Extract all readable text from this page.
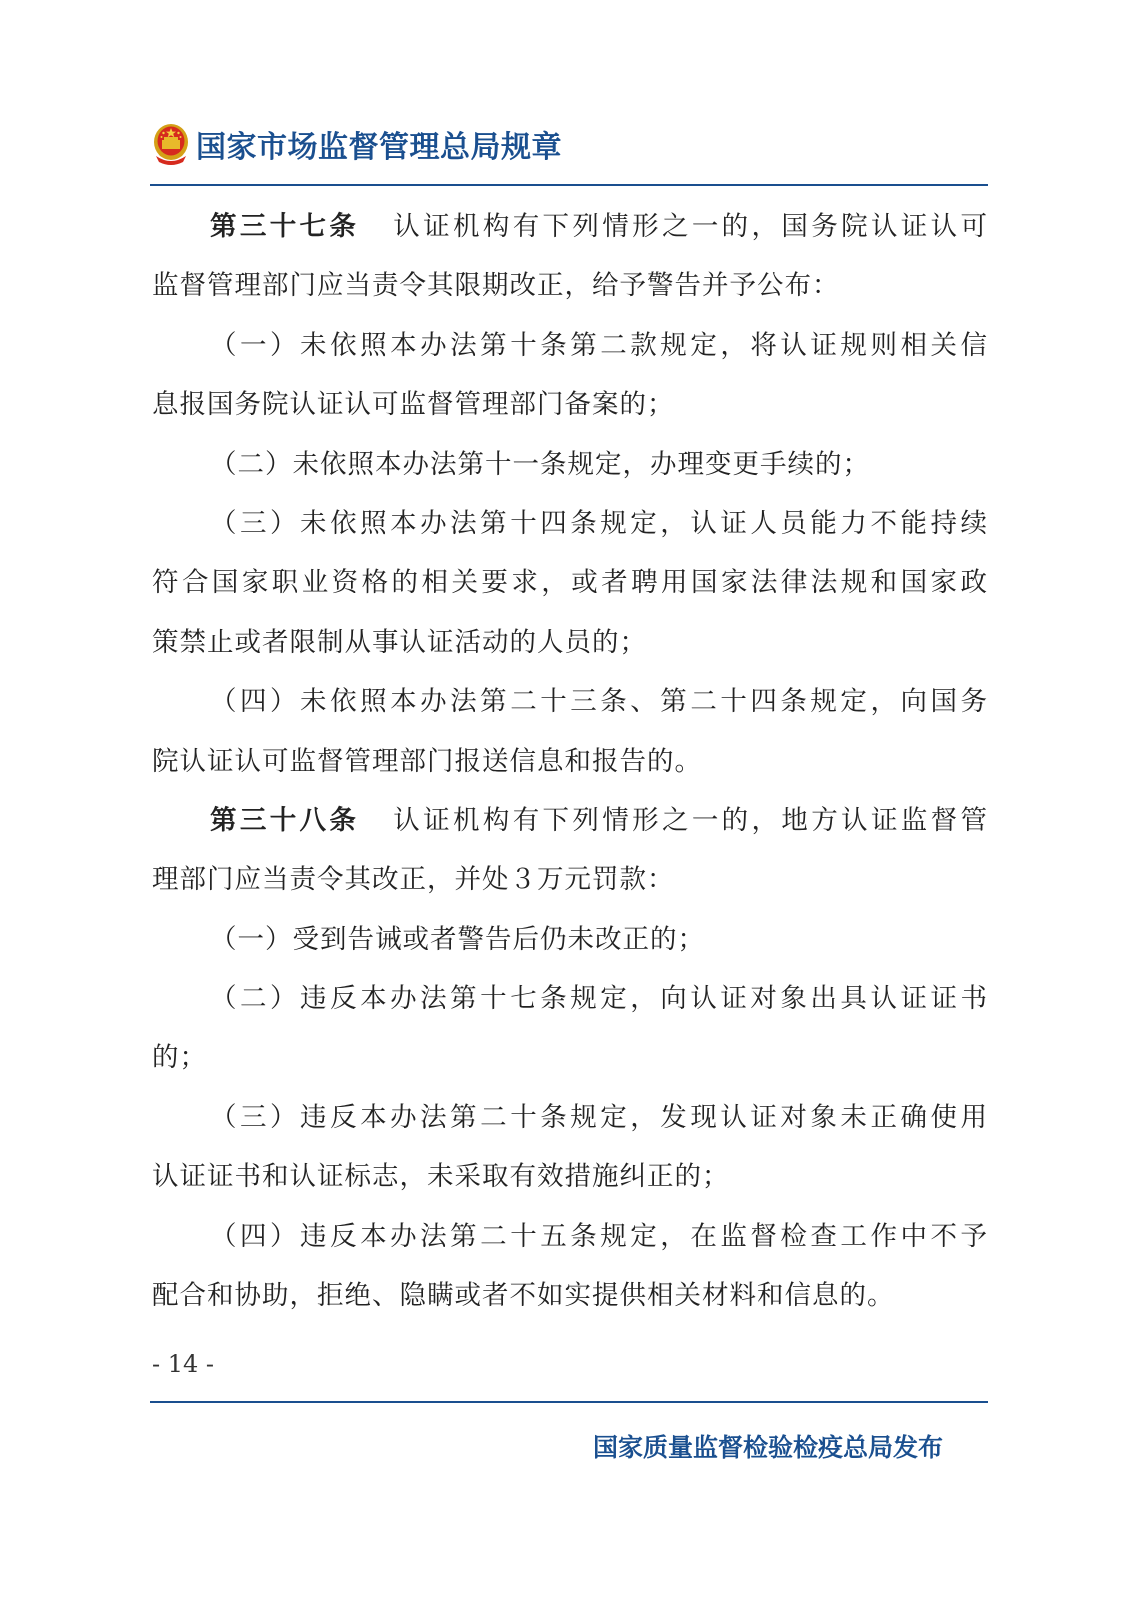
国家市场监督管理总局规章
第三十七条 认证机构有下列情形之一的，国务院认证认可
监督管理部门应当责令其限期改正，给予警告并予公布：
（一）未依照本办法第十条第二款规定，将认证规则相关信
息报国务院认证认可监督管理部门备案的；
（二）未依照本办法第十一条规定，办理变更手续的；
（三）未依照本办法第十四条规定，认证人员能力不能持续
符合国家职业资格的相关要求，或者聘用国家法律法规和国家政
策禁止或者限制从事认证活动的人员的；
（四）未依照本办法第二十三条、第二十四条规定，向国务
院认证认可监督管理部门报送信息和报告的。
第三十八条 认证机构有下列情形之一的，地方认证监督管
理部门应当责令其改正，并处３万元罚款：
（一）受到告诫或者警告后仍未改正的；
（二）违反本办法第十七条规定，向认证对象出具认证证书
的；
（三）违反本办法第二十条规定，发现认证对象未正确使用
认证证书和认证标志，未采取有效措施纠正的；
（四）违反本办法第二十五条规定，在监督检查工作中不予
配合和协助，拒绝、隐瞒或者不如实提供相关材料和信息的。
- 14 -
国家质量监督检验检疫总局发布
